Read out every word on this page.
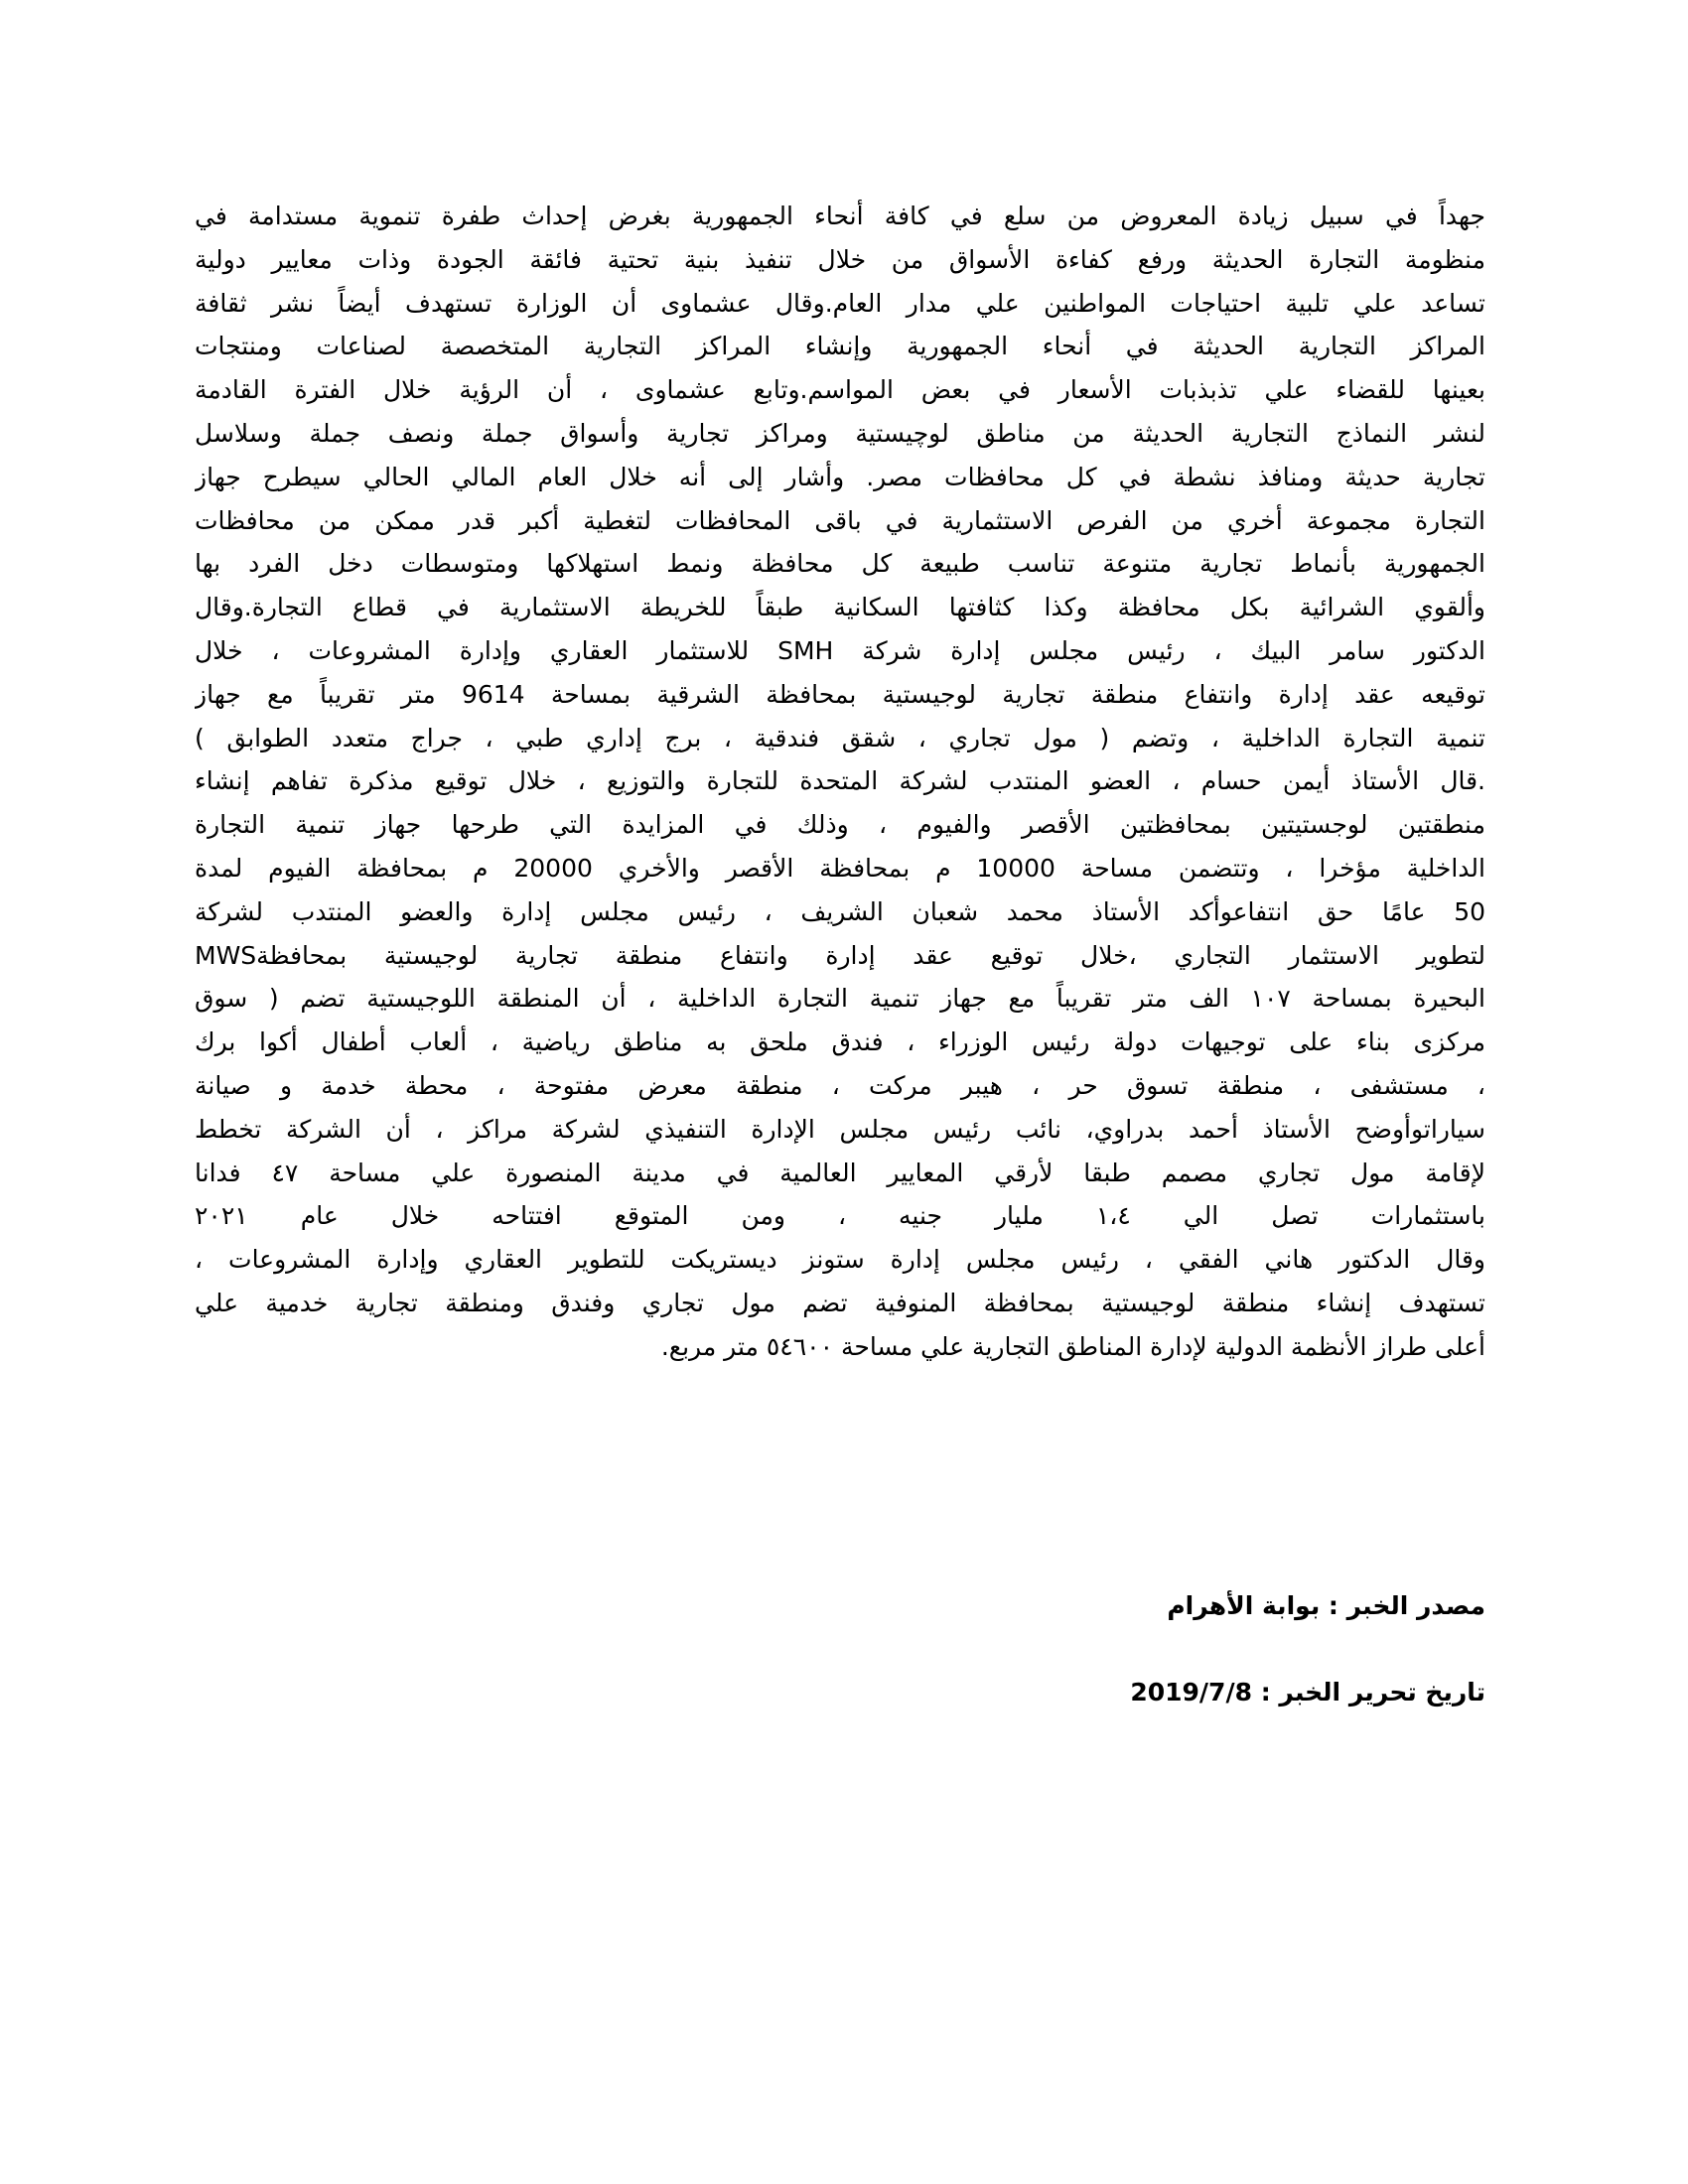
جهداً في سبيل زيادة المعروض من سلع في كافة أنحاء الجمهورية بغرض إحداث طفرة تنموية مستدامة في
منظومة التجارة الحديثة ورفع كفاءة الأسواق من خلال تنفيذ بنية تحتية فائقة الجودة وذات معايير دولية
تساعد علي تلبية احتياجات المواطنين علي مدار العام.وقال عشماوى أن الوزارة تستهدف أيضاً نشر ثقافة
المراكز التجارية الحديثة في أنحاء الجمهورية وإنشاء المراكز التجارية المتخصصة لصناعات ومنتجات
بعينها للقضاء علي تذبذبات الأسعار في بعض المواسم.وتابع عشماوى ، أن الرؤية خلال الفترة القادمة
لنشر النماذج التجارية الحديثة من مناطق لوچيستية ومراكز تجارية وأسواق جملة ونصف جملة وسلاسل
تجارية حديثة ومنافذ نشطة في كل محافظات مصر. وأشار إلى أنه خلال العام المالي الحالي سيطرح جهاز
التجارة مجموعة أخري من الفرص الاستثمارية في باقى المحافظات لتغطية أكبر قدر ممكن من محافظات
الجمهورية بأنماط تجارية متنوعة تناسب طبيعة كل محافظة ونمط استهلاكها ومتوسطات دخل الفرد بها
وألقوي الشرائية بكل محافظة وكذا كثافتها السكانية طبقاً للخريطة الاستثمارية في قطاع التجارة.وقال
الدكتور سامر البيك ، رئيس مجلس إدارة شركة SMH للاستثمار العقاري وإدارة المشروعات ، خلال
توقيعه عقد إدارة وانتفاع منطقة تجارية لوجيستية بمحافظة الشرقية بمساحة 9614 متر تقريباً مع جهاز
تنمية التجارة الداخلية ، وتضم ( مول تجاري ، شقق فندقية ، برج إداري طبي ، جراج متعدد الطوابق )
.قال الأستاذ أيمن حسام ، العضو المنتدب لشركة المتحدة للتجارة والتوزيع ، خلال توقيع مذكرة تفاهم إنشاء
منطقتين لوجستيتين بمحافظتين الأقصر والفيوم ، وذلك في المزايدة التي طرحها جهاز تنمية التجارة
الداخلية مؤخرا ، وتتضمن مساحة 10000 م بمحافظة الأقصر والأخري 20000 م بمحافظة الفيوم لمدة
50 عامًا حق انتفاعوأكد الأستاذ محمد شعبان الشريف ، رئيس مجلس إدارة والعضو المنتدب لشركة
MWSلتطوير الاستثمار التجاري ،خلال توقيع عقد إدارة وانتفاع منطقة تجارية لوجيستية بمحافظة
البحيرة بمساحة ١٠٧ الف متر تقريباً مع جهاز تنمية التجارة الداخلية ، أن المنطقة اللوجيستية تضم ( سوق
مركزى بناء على توجيهات دولة رئيس الوزراء ، فندق ملحق به مناطق رياضية ، ألعاب أطفال أكوا برك
، مستشفى ، منطقة تسوق حر ، هيبر مركت ، منطقة معرض مفتوحة ، محطة خدمة و صيانة
سياراتوأوضح الأستاذ أحمد بدراوي، نائب رئيس مجلس الإدارة التنفيذي لشركة مراكز ، أن الشركة تخطط
لإقامة مول تجاري مصمم طبقا لأرقي المعايير العالمية في مدينة المنصورة علي مساحة ٤٧ فدانا
باستثمارات تصل الي ١،٤ مليار جنيه ، ومن المتوقع افتتاحه خلال عام ٢٠٢١
وقال الدكتور هاني الفقي ، رئيس مجلس إدارة ستونز ديستريكت للتطوير العقاري وإدارة المشروعات ،
تستهدف إنشاء منطقة لوجيستية بمحافظة المنوفية تضم مول تجاري وفندق ومنطقة تجارية خدمية علي
أعلى طراز الأنظمة الدولية لإدارة المناطق التجارية علي مساحة ٥٤٦٠٠ متر مربع.
مصدر الخبر : بوابة الأهرام
تاريخ تحرير الخبر : 2019/7/8
